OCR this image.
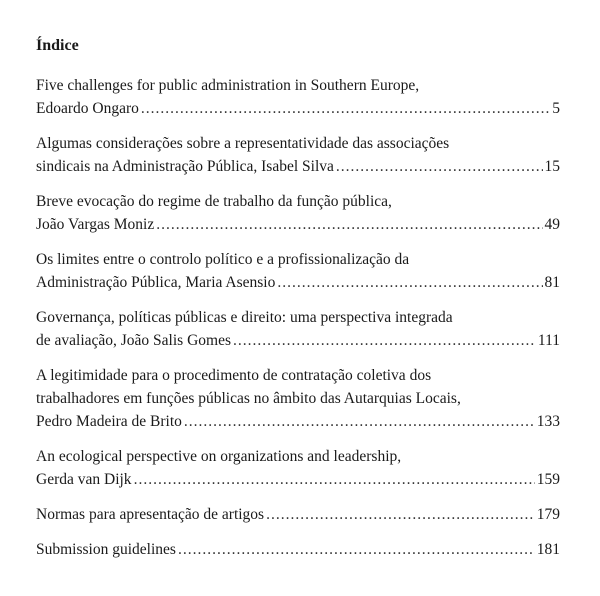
Índice
Five challenges for public administration in Southern Europe,
Edoardo Ongaro .....	5
Algumas considerações sobre a representatividade das associações
sindicais na Administração Pública, Isabel Silva .....	15
Breve evocação do regime de trabalho da função pública,
João Vargas Moniz .....	49
Os limites entre o controlo político e a profissionalização da
Administração Pública, Maria Asensio .....	81
Governança, políticas públicas e direito: uma perspectiva integrada
de avaliação, João Salis Gomes .....	111
A legitimidade para o procedimento de contratação coletiva dos
trabalhadores em funções públicas no âmbito das Autarquias Locais,
Pedro Madeira de Brito .....	133
An ecological perspective on organizations and leadership,
Gerda van Dijk .....	159
Normas para apresentação de artigos .....	179
Submission guidelines .....	181
